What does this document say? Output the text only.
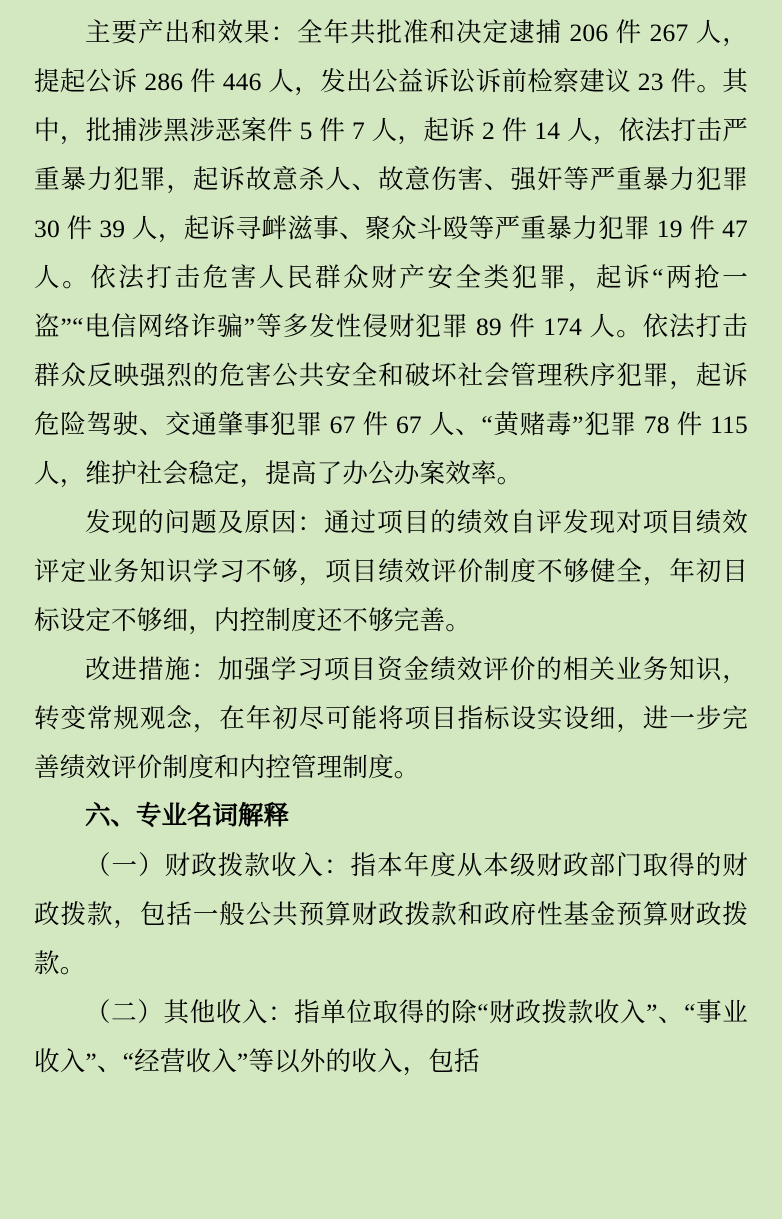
主要产出和效果：全年共批准和决定逮捕 206 件 267 人，提起公诉 286 件 446 人，发出公益诉讼诉前检察建议 23 件。其中，批捕涉黑涉恶案件 5 件 7 人，起诉 2 件 14 人，依法打击严重暴力犯罪，起诉故意杀人、故意伤害、强奸等严重暴力犯罪 30 件 39 人，起诉寻衅滋事、聚众斗殴等严重暴力犯罪 19 件 47 人。依法打击危害人民群众财产安全类犯罪，起诉“两抢一盗”“电信网络诈骗”等多发性侵财犯罪 89 件 174 人。依法打击群众反映强烈的危害公共安全和破坏社会管理秩序犯罪，起诉危险驾驶、交通肇事犯罪 67 件 67 人、“黄赌毒”犯罪 78 件 115 人，维护社会稳定，提高了办公办案效率。

发现的问题及原因：通过项目的绩效自评发现对项目绩效评定业务知识学习不够，项目绩效评价制度不够健全，年初目标设定不够细，内控制度还不够完善。

改进措施：加强学习项目资金绩效评价的相关业务知识，转变常规观念，在年初尽可能将项目指标设实设细，进一步完善绩效评价制度和内控管理制度。

六、专业名词解释

（一）财政拨款收入：指本年度从本级财政部门取得的财政拨款，包括一般公共预算财政拨款和政府性基金预算财政拨款。

（二）其他收入：指单位取得的除“财政拨款收入”、“事业收入”、“经营收入”等以外的收入，包括
